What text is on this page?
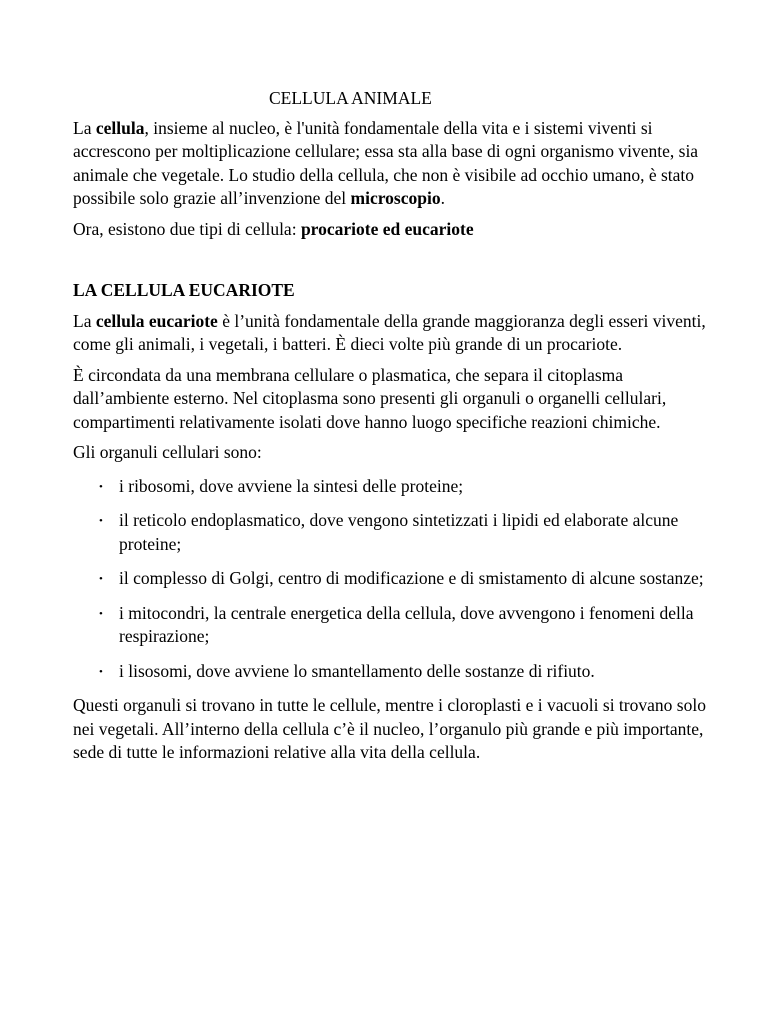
CELLULA ANIMALE

La cellula, insieme al nucleo, è l'unità fondamentale della vita e i sistemi viventi si accrescono per moltiplicazione cellulare; essa sta alla base di ogni organismo vivente, sia animale che vegetale. Lo studio della cellula, che non è visibile ad occhio umano, è stato possibile solo grazie all’invenzione del microscopio.

Ora, esistono due tipi di cellula: procariote ed eucariote

LA CELLULA EUCARIOTE

La cellula eucariote è l’unità fondamentale della grande maggioranza degli esseri viventi, come gli animali, i vegetali, i batteri. È dieci volte più grande di un procariote.

È circondata da una membrana cellulare o plasmatica, che separa il citoplasma dall’ambiente esterno. Nel citoplasma sono presenti gli organuli o organelli cellulari, compartimenti relativamente isolati dove hanno luogo specifiche reazioni chimiche.

Gli organuli cellulari sono:

• i ribosomi, dove avviene la sintesi delle proteine;
• il reticolo endoplasmatico, dove vengono sintetizzati i lipidi ed elaborate alcune proteine;
• il complesso di Golgi, centro di modificazione e di smistamento di alcune sostanze;
• i mitocondri, la centrale energetica della cellula, dove avvengono i fenomeni della respirazione;
• i lisosomi, dove avviene lo smantellamento delle sostanze di rifiuto.

Questi organuli si trovano in tutte le cellule, mentre i cloroplasti e i vacuoli si trovano solo nei vegetali. All’interno della cellula c’è il nucleo, l’organulo più grande e più importante, sede di tutte le informazioni relative alla vita della cellula.
